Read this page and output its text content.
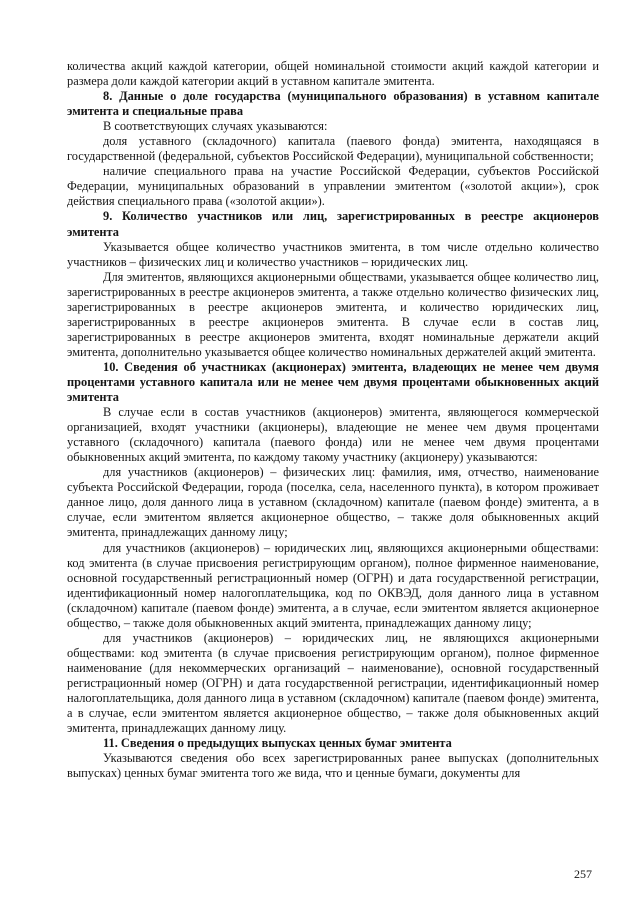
количества акций каждой категории, общей номинальной стоимости акций каждой категории и размера доли каждой категории акций в уставном капитале эмитента.

8. Данные о доле государства (муниципального образования) в уставном капитале эмитента и специальные права

В соответствующих случаях указываются:

доля уставного (складочного) капитала (паевого фонда) эмитента, находящаяся в государственной (федеральной, субъектов Российской Федерации), муниципальной собственности;

наличие специального права на участие Российской Федерации, субъектов Российской Федерации, муниципальных образований в управлении эмитентом («золотой акции»), срок действия специального права («золотой акции»).

9. Количество участников или лиц, зарегистрированных в реестре акционеров эмитента

Указывается общее количество участников эмитента, в том числе отдельно количество участников – физических лиц и количество участников – юридических лиц.

Для эмитентов, являющихся акционерными обществами, указывается общее количество лиц, зарегистрированных в реестре акционеров эмитента, а также отдельно количество физических лиц, зарегистрированных в реестре акционеров эмитента, и количество юридических лиц, зарегистрированных в реестре акционеров эмитента. В случае если в состав лиц, зарегистрированных в реестре акционеров эмитента, входят номинальные держатели акций эмитента, дополнительно указывается общее количество номинальных держателей акций эмитента.

10. Сведения об участниках (акционерах) эмитента, владеющих не менее чем двумя процентами уставного капитала или не менее чем двумя процентами обыкновенных акций эмитента

В случае если в состав участников (акционеров) эмитента, являющегося коммерческой организацией, входят участники (акционеры), владеющие не менее чем двумя процентами уставного (складочного) капитала (паевого фонда) или не менее чем двумя процентами обыкновенных акций эмитента, по каждому такому участнику (акционеру) указываются:

для участников (акционеров) – физических лиц: фамилия, имя, отчество, наименование субъекта Российской Федерации, города (поселка, села, населенного пункта), в котором проживает данное лицо, доля данного лица в уставном (складочном) капитале (паевом фонде) эмитента, а в случае, если эмитентом является акционерное общество, – также доля обыкновенных акций эмитента, принадлежащих данному лицу;

для участников (акционеров) – юридических лиц, являющихся акционерными обществами: код эмитента (в случае присвоения регистрирующим органом), полное фирменное наименование, основной государственный регистрационный номер (ОГРН) и дата государственной регистрации, идентификационный номер налогоплательщика, код по ОКВЭД, доля данного лица в уставном (складочном) капитале (паевом фонде) эмитента, а в случае, если эмитентом является акционерное общество, – также доля обыкновенных акций эмитента, принадлежащих данному лицу;

для участников (акционеров) – юридических лиц, не являющихся акционерными обществами: код эмитента (в случае присвоения регистрирующим органом), полное фирменное наименование (для некоммерческих организаций – наименование), основной государственный регистрационный номер (ОГРН) и дата государственной регистрации, идентификационный номер налогоплательщика, доля данного лица в уставном (складочном) капитале (паевом фонде) эмитента, а в случае, если эмитентом является акционерное общество, – также доля обыкновенных акций эмитента, принадлежащих данному лицу.

11. Сведения о предыдущих выпусках ценных бумаг эмитента

Указываются сведения обо всех зарегистрированных ранее выпусках (дополнительных выпусках) ценных бумаг эмитента того же вида, что и ценные бумаги, документы для

257
